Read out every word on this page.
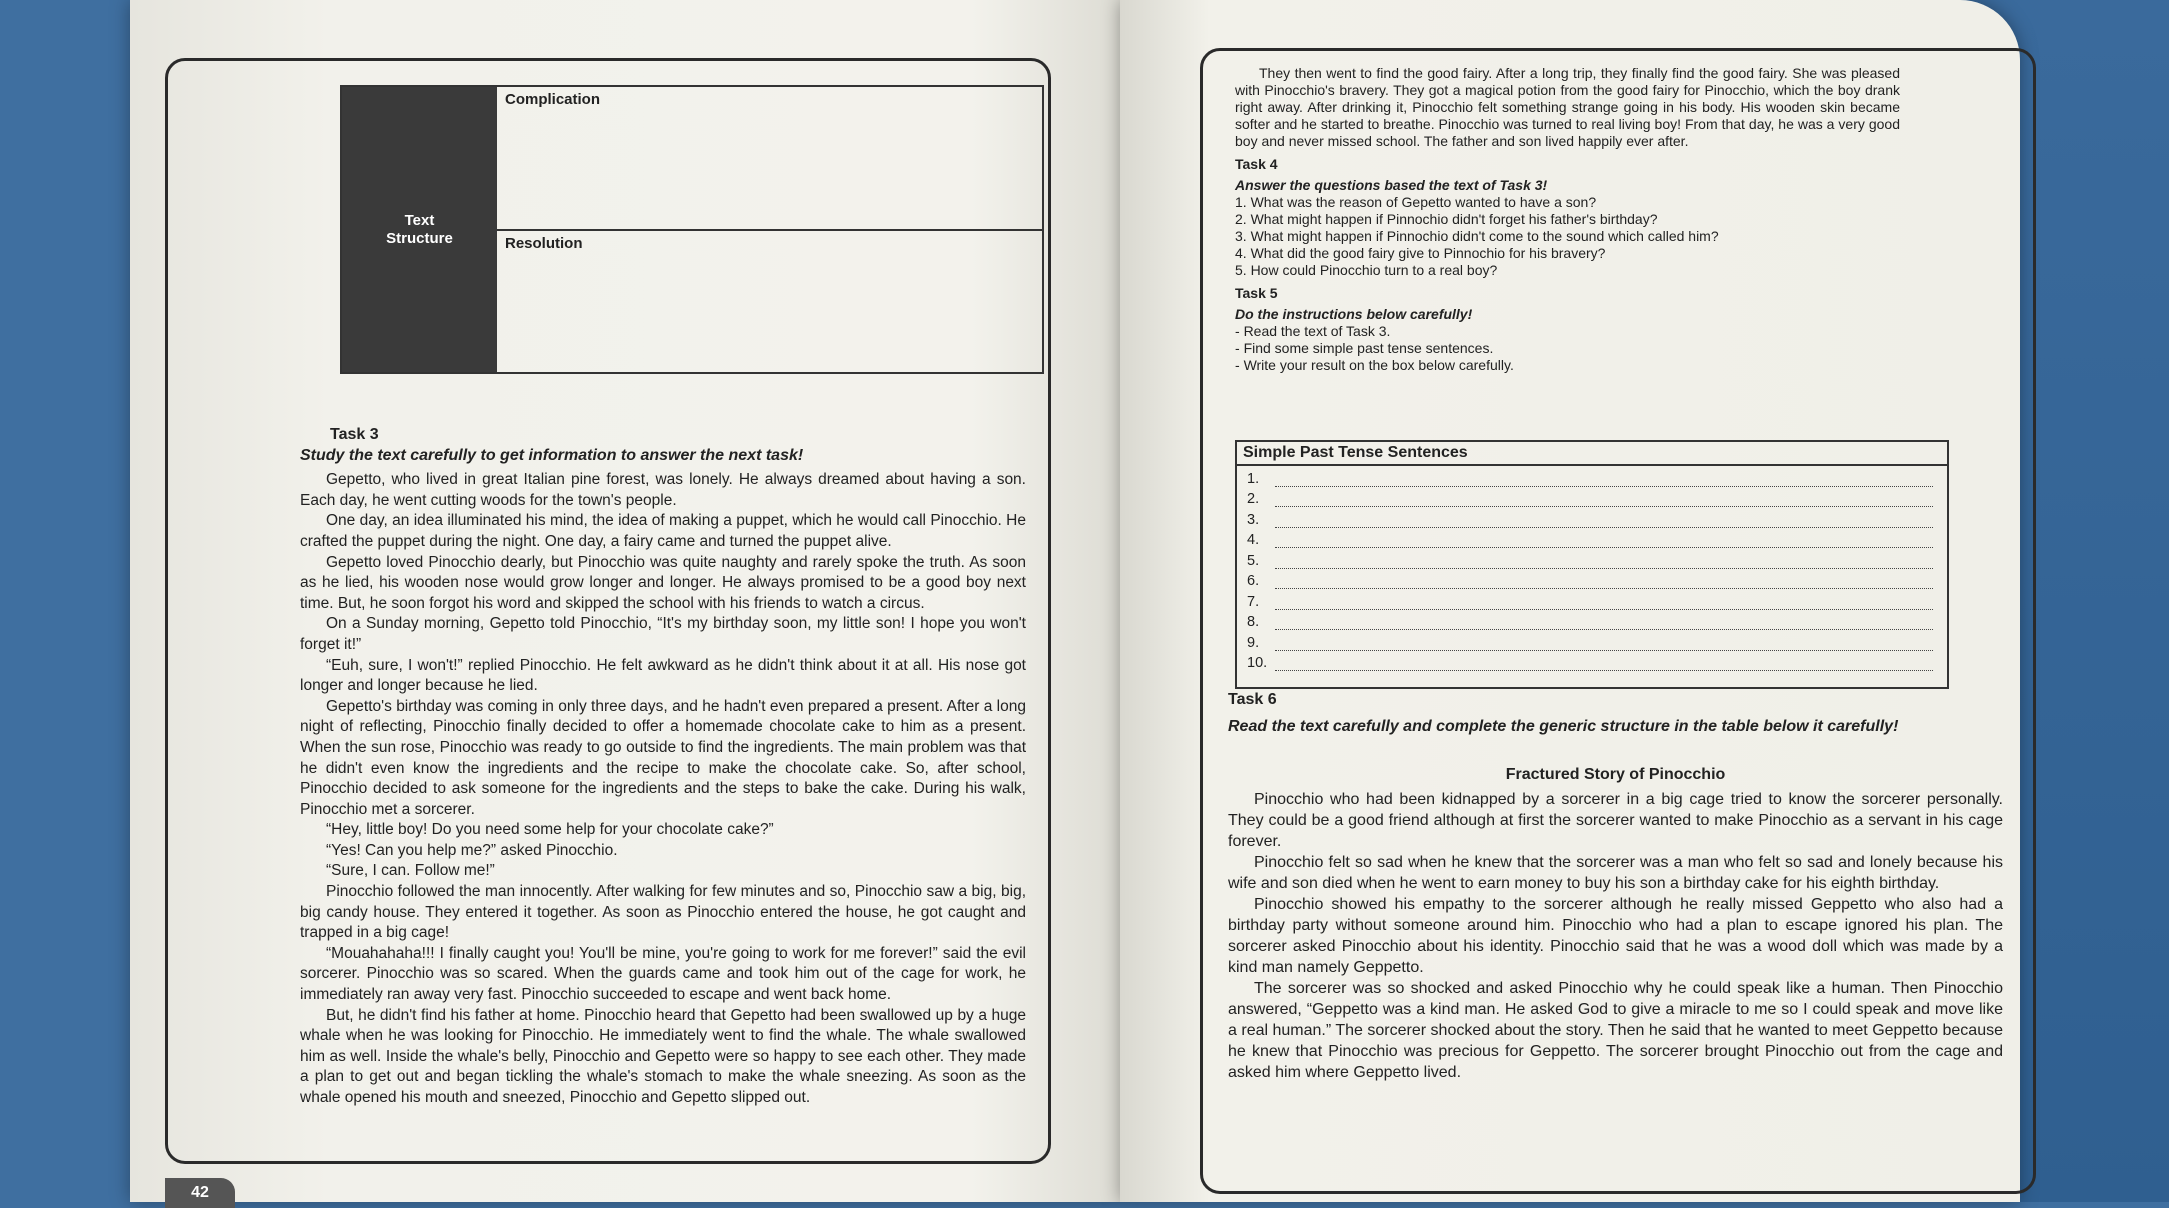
Text
Structure
Complication
Resolution
Task 3
Study the text carefully to get information to answer the next task!

Gepetto, who lived in great Italian pine forest, was lonely. He always dreamed about having a son. Each day, he went cutting woods for the town's people.

One day, an idea illuminated his mind, the idea of making a puppet, which he would call Pinocchio. He crafted the puppet during the night. One day, a fairy came and turned the puppet alive.

Gepetto loved Pinocchio dearly, but Pinocchio was quite naughty and rarely spoke the truth. As soon as he lied, his wooden nose would grow longer and longer. He always promised to be a good boy next time. But, he soon forgot his word and skipped the school with his friends to watch a circus.

On a Sunday morning, Gepetto told Pinocchio, “It's my birthday soon, my little son! I hope you won't forget it!”

“Euh, sure, I won't!” replied Pinocchio. He felt awkward as he didn't think about it at all. His nose got longer and longer because he lied.

Gepetto's birthday was coming in only three days, and he hadn't even prepared a present. After a long night of reflecting, Pinocchio finally decided to offer a homemade chocolate cake to him as a present. When the sun rose, Pinocchio was ready to go outside to find the ingredients. The main problem was that he didn't even know the ingredients and the recipe to make the chocolate cake. So, after school, Pinocchio decided to ask someone for the ingredients and the steps to bake the cake. During his walk, Pinocchio met a sorcerer.

“Hey, little boy! Do you need some help for your chocolate cake?”

“Yes! Can you help me?” asked Pinocchio.

“Sure, I can. Follow me!”

Pinocchio followed the man innocently. After walking for few minutes and so, Pinocchio saw a big, big, big candy house. They entered it together. As soon as Pinocchio entered the house, he got caught and trapped in a big cage!

“Mouahahaha!!! I finally caught you! You'll be mine, you're going to work for me forever!” said the evil sorcerer. Pinocchio was so scared. When the guards came and took him out of the cage for work, he immediately ran away very fast. Pinocchio succeeded to escape and went back home.

But, he didn't find his father at home. Pinocchio heard that Gepetto had been swallowed up by a huge whale when he was looking for Pinocchio. He immediately went to find the whale. The whale swallowed him as well. Inside the whale's belly, Pinocchio and Gepetto were so happy to see each other. They made a plan to get out and began tickling the whale's stomach to make the whale sneezing. As soon as the whale opened his mouth and sneezed, Pinocchio and Gepetto slipped out.

42

They then went to find the good fairy. After a long trip, they finally find the good fairy. She was pleased with Pinocchio's bravery. They got a magical potion from the good fairy for Pinocchio, which the boy drank right away. After drinking it, Pinocchio felt something strange going in his body. His wooden skin became softer and he started to breathe. Pinocchio was turned to real living boy! From that day, he was a very good boy and never missed school. The father and son lived happily ever after.

Task 4
Answer the questions based the text of Task 3!
1. What was the reason of Gepetto wanted to have a son?
2. What might happen if Pinnochio didn't forget his father's birthday?
3. What might happen if Pinnochio didn't come to the sound which called him?
4. What did the good fairy give to Pinnochio for his bravery?
5. How could Pinocchio turn to a real boy?
Task 5
Do the instructions below carefully!
- Read the text of Task 3.
- Find some simple past tense sentences.
- Write your result on the box below carefully.
Simple Past Tense Sentences
1.
2.
3.
4.
5.
6.
7.
8.
9.
10.
Task 6
Read the text carefully and complete the generic structure in the table below it carefully!
Fractured Story of Pinocchio

Pinocchio who had been kidnapped by a sorcerer in a big cage tried to know the sorcerer personally. They could be a good friend although at first the sorcerer wanted to make Pinocchio as a servant in his cage forever.

Pinocchio felt so sad when he knew that the sorcerer was a man who felt so sad and lonely because his wife and son died when he went to earn money to buy his son a birthday cake for his eighth birthday.

Pinocchio showed his empathy to the sorcerer although he really missed Geppetto who also had a birthday party without someone around him. Pinocchio who had a plan to escape ignored his plan. The sorcerer asked Pinocchio about his identity. Pinocchio said that he was a wood doll which was made by a kind man namely Geppetto.

The sorcerer was so shocked and asked Pinocchio why he could speak like a human. Then Pinocchio answered, “Geppetto was a kind man. He asked God to give a miracle to me so I could speak and move like a real human.” The sorcerer shocked about the story. Then he said that he wanted to meet Geppetto because he knew that Pinocchio was precious for Geppetto. The sorcerer brought Pinocchio out from the cage and asked him where Geppetto lived.
